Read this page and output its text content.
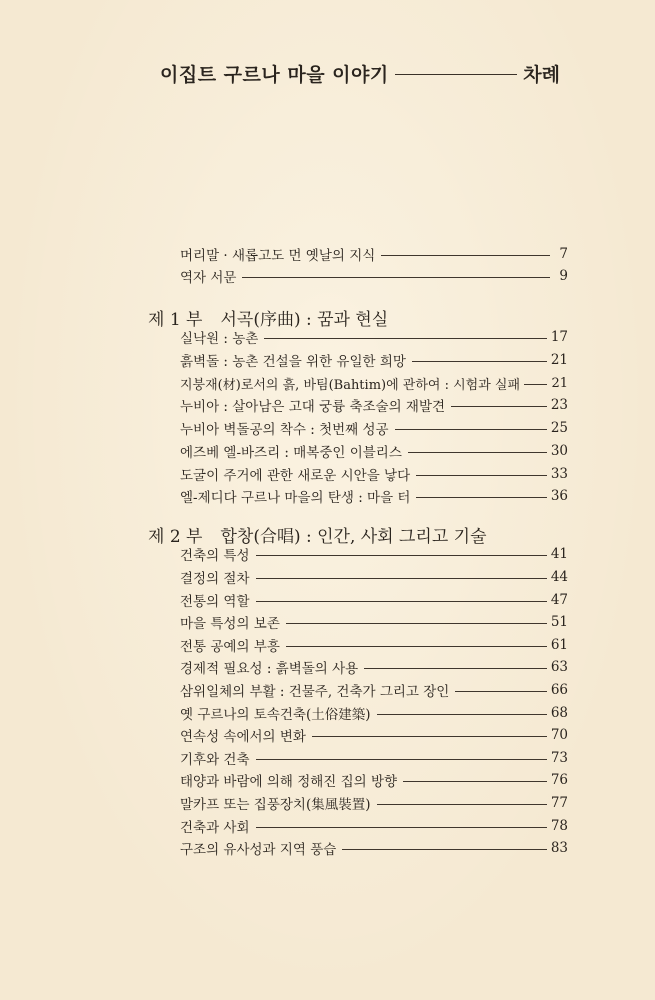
이집트 구르나 마을 이야기	차례
머리말 · 새롭고도 먼 옛날의 지식	7
역자 서문	9
제 1 부 서곡(序曲) : 꿈과 현실
실낙원 : 농촌	17
흙벽돌 : 농촌 건설을 위한 유일한 희망	21
지붕재(材)로서의 흙, 바팀(Bahtim)에 관하여 : 시험과 실패 21
누비아 : 살아남은 고대 궁륭 축조술의 재발견	23
누비아 벽돌공의 착수 : 첫번째 성공	25
에즈베 엘-바즈리 : 매복중인 이블리스	30
도굴이 주거에 관한 새로운 시안을 낳다	33
엘-제디다 구르나 마을의 탄생 : 마을 터	36
제 2 부 합창(合唱) : 인간, 사회 그리고 기술
건축의 특성	41
결정의 절차	44
전통의 역할	47
마을 특성의 보존	51
전통 공예의 부흥	61
경제적 필요성 : 흙벽돌의 사용	63
삼위일체의 부활 : 건물주, 건축가 그리고 장인	66
옛 구르나의 토속건축(土俗建築)	68
연속성 속에서의 변화	70
기후와 건축	73
태양과 바람에 의해 정해진 집의 방향	76
말카프 또는 집풍장치(集風裝置)	77
건축과 사회	78
구조의 유사성과 지역 풍습	83
